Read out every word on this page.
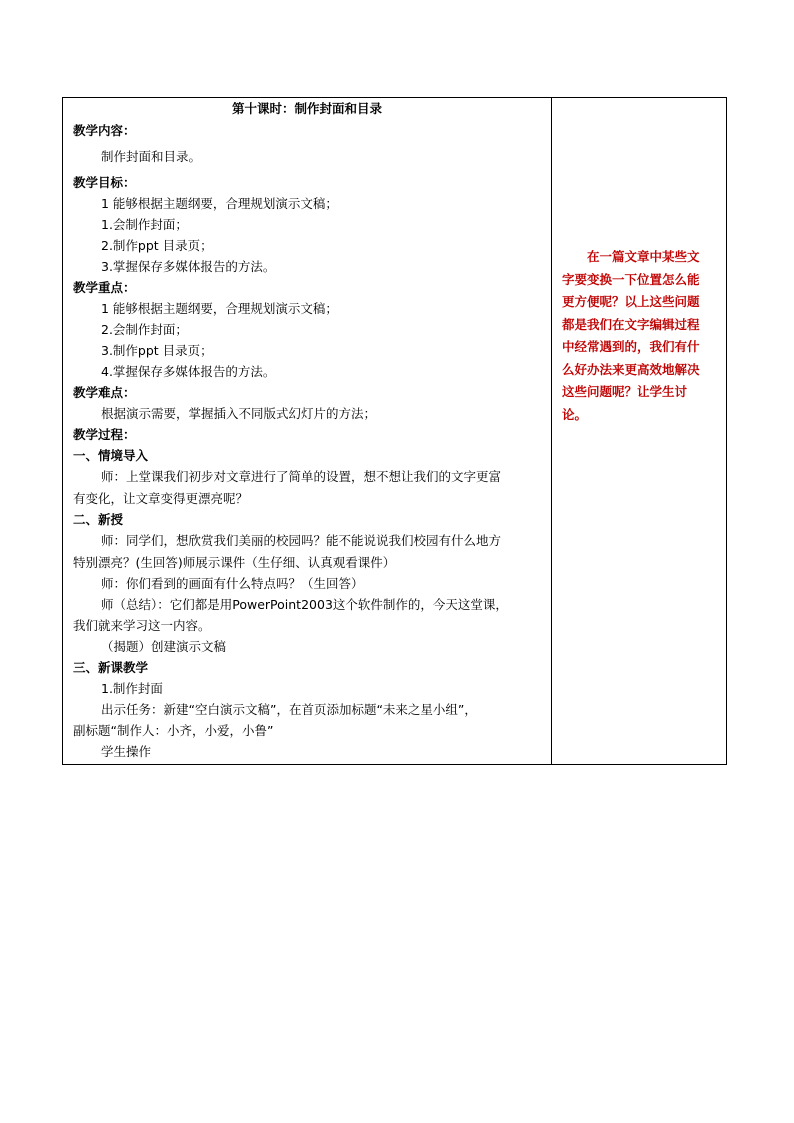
第十课时：制作封面和目录
教学内容：
制作封面和目录。
教学目标：
1 能够根据主题纲要，合理规划演示文稿；
1.会制作封面；
2.制作ppt 目录页；
3.掌握保存多媒体报告的方法。
教学重点：
1 能够根据主题纲要，合理规划演示文稿；
2.会制作封面；
3.制作ppt 目录页；
4.掌握保存多媒体报告的方法。
教学难点：
根据演示需要，掌握插入不同版式幻灯片的方法；
教学过程：
一、情境导入
师：上堂课我们初步对文章进行了简单的设置，想不想让我们的文字更富
有变化，让文章变得更漂亮呢？
二、新授
师：同学们，想欣赏我们美丽的校园吗？能不能说说我们校园有什么地方
特别漂亮？(生回答)师展示课件（生仔细、认真观看课件）
师：你们看到的画面有什么特点吗？（生回答）
师（总结）：它们都是用PowerPoint2003这个软件制作的，今天这堂课，
我们就来学习这一内容。
（揭题）创建演示文稿
三、新课教学
1.制作封面
出示任务：新建“空白演示文稿”，在首页添加标题“未来之星小组”，
副标题“制作人：小齐，小爱，小鲁”
学生操作
在一篇文章中某些文
字要变换一下位置怎么能
更方便呢？以上这些问题
都是我们在文字编辑过程
中经常遇到的，我们有什
么好办法来更高效地解决
这些问题呢？让学生讨
论。
